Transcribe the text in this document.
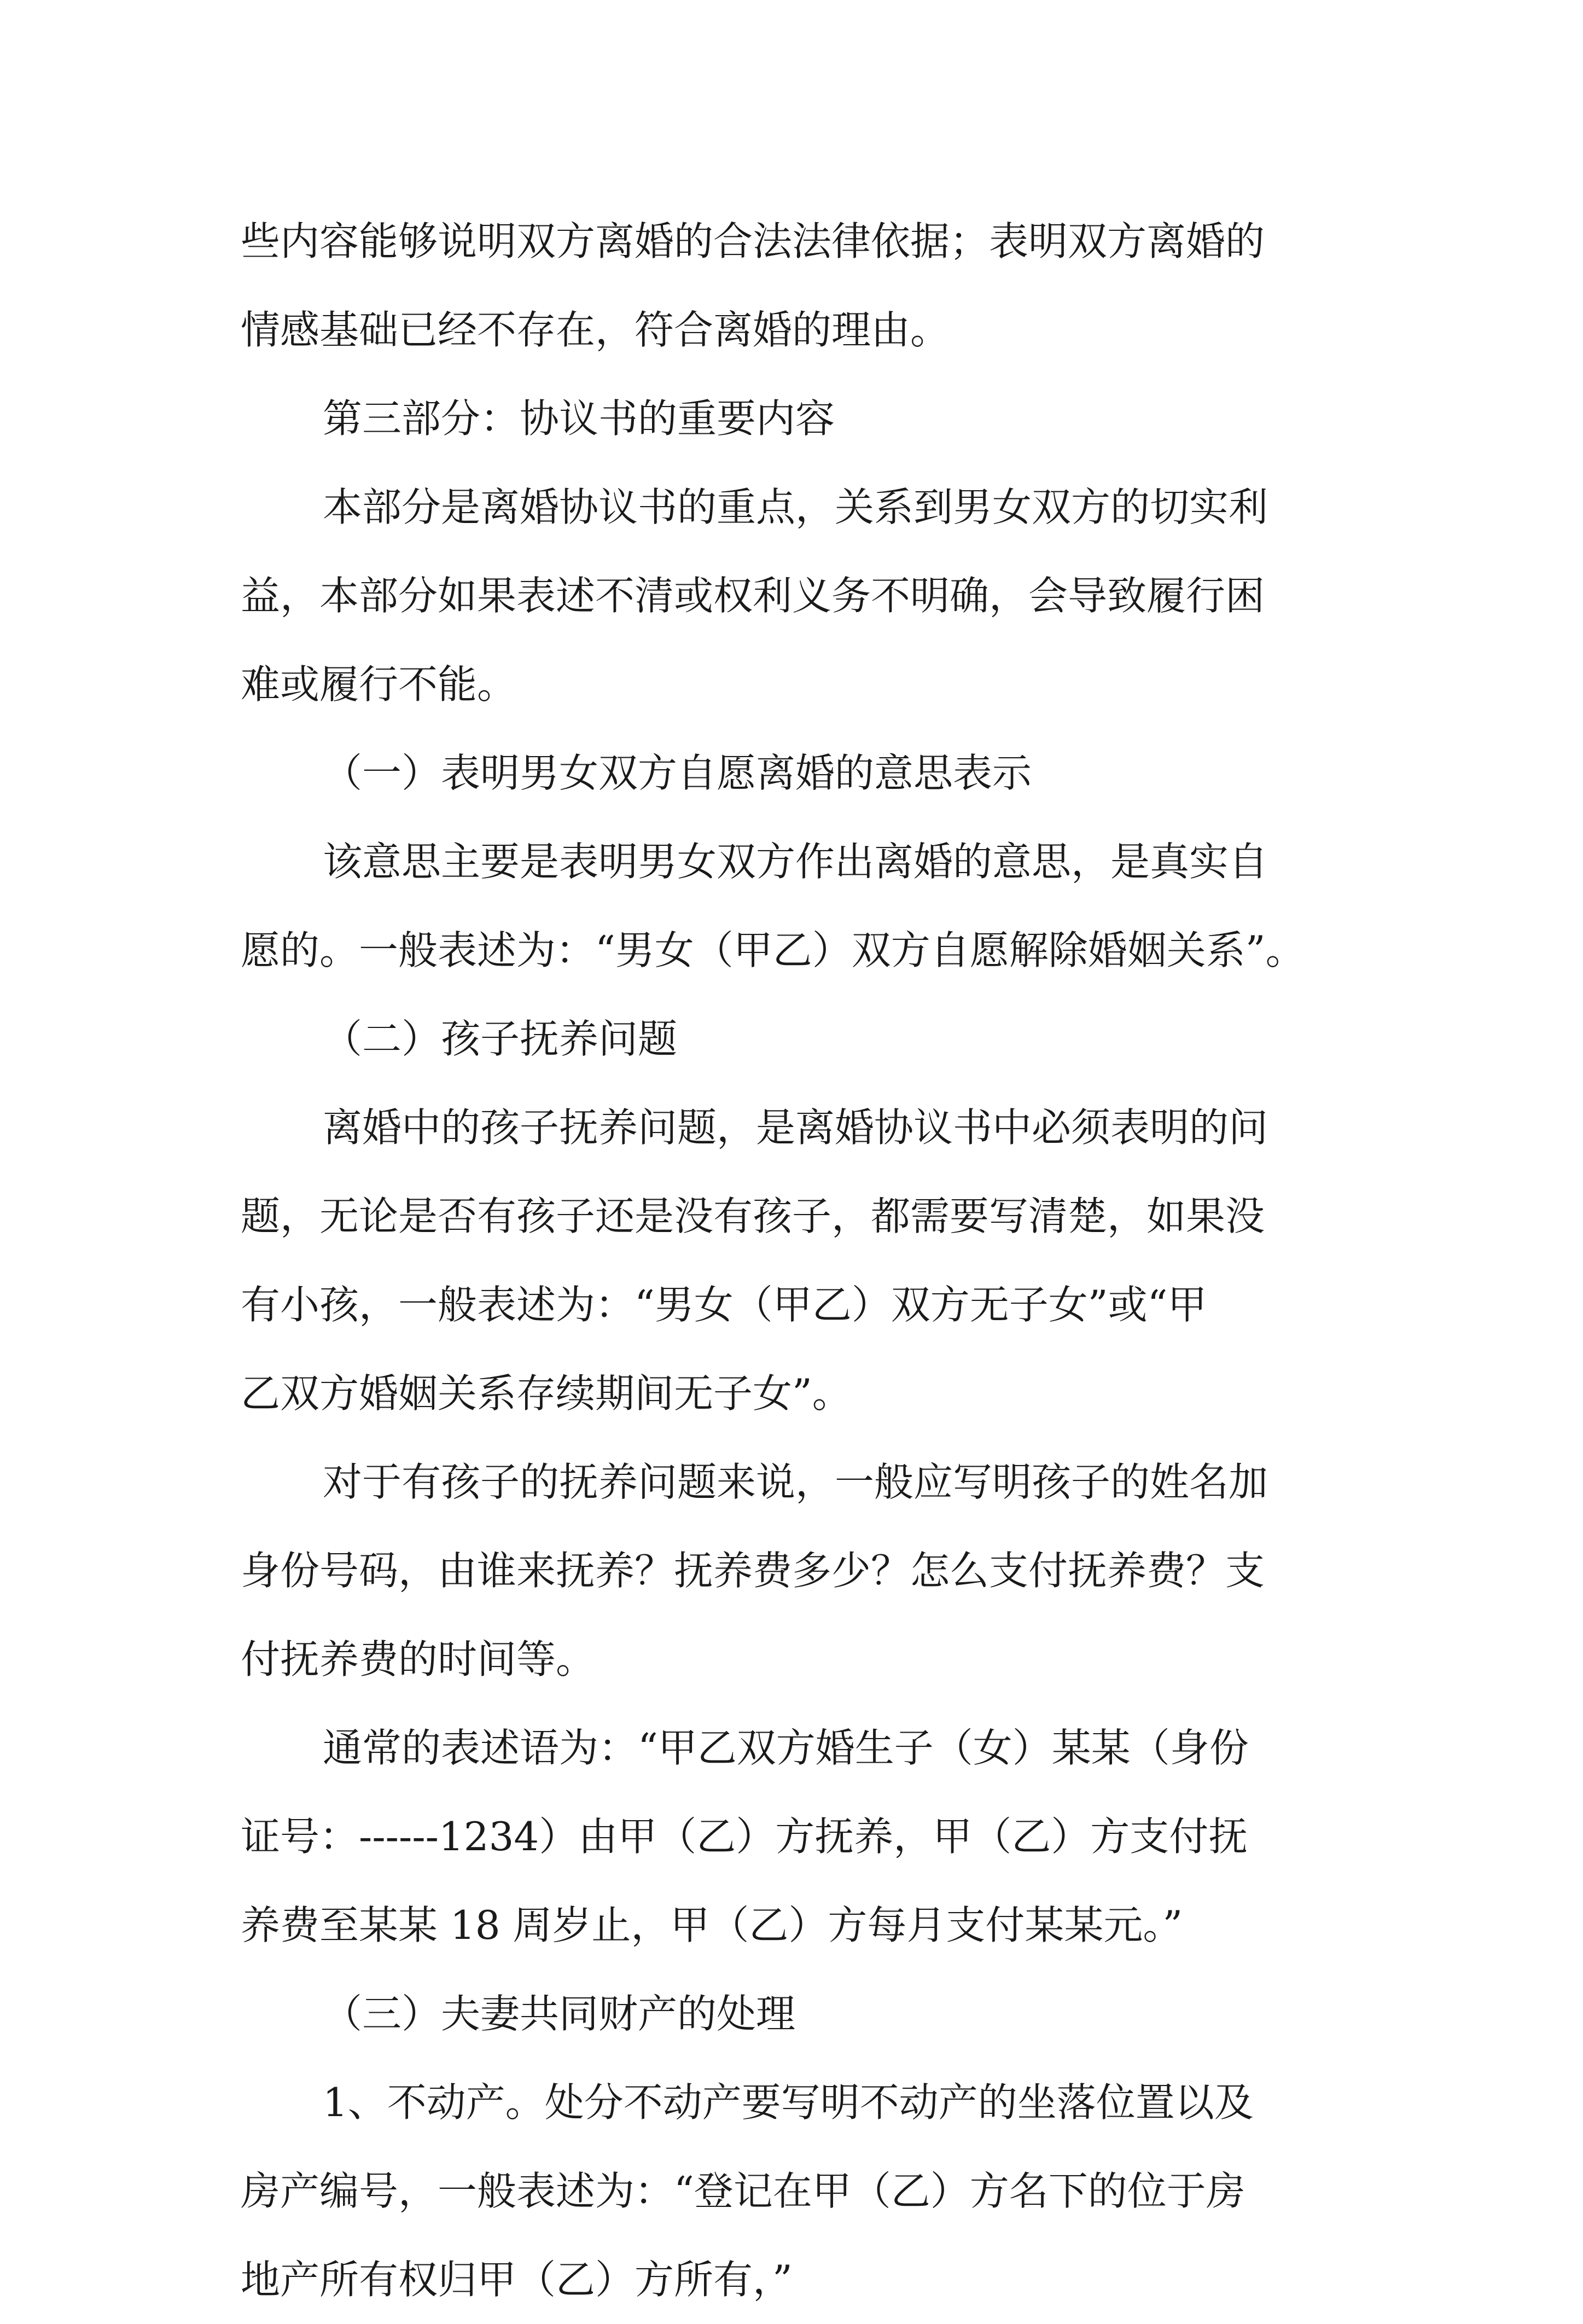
些内容能够说明双方离婚的合法法律依据；表明双方离婚的
情感基础已经不存在，符合离婚的理由。
第三部分：协议书的重要内容
本部分是离婚协议书的重点，关系到男女双方的切实利
益，本部分如果表述不清或权利义务不明确，会导致履行困
难或履行不能。
（一）表明男女双方自愿离婚的意思表示
该意思主要是表明男女双方作出离婚的意思，是真实自
愿的。一般表述为：“男女（甲乙）双方自愿解除婚姻关系”。
（二）孩子抚养问题
离婚中的孩子抚养问题，是离婚协议书中必须表明的问
题，无论是否有孩子还是没有孩子，都需要写清楚，如果没
有小孩，一般表述为：“男女（甲乙）双方无子女”或“甲
乙双方婚姻关系存续期间无子女”。
对于有孩子的抚养问题来说，一般应写明孩子的姓名加
身份号码，由谁来抚养？抚养费多少？怎么支付抚养费？支
付抚养费的时间等。
通常的表述语为：“甲乙双方婚生子（女）某某（身份
证号：------1234）由甲（乙）方抚养，甲（乙）方支付抚
养费至某某 18 周岁止，甲（乙）方每月支付某某元。”
（三）夫妻共同财产的处理
1、不动产。处分不动产要写明不动产的坐落位置以及
房产编号，一般表述为：“登记在甲（乙）方名下的位于房
地产所有权归甲（乙）方所有，”
